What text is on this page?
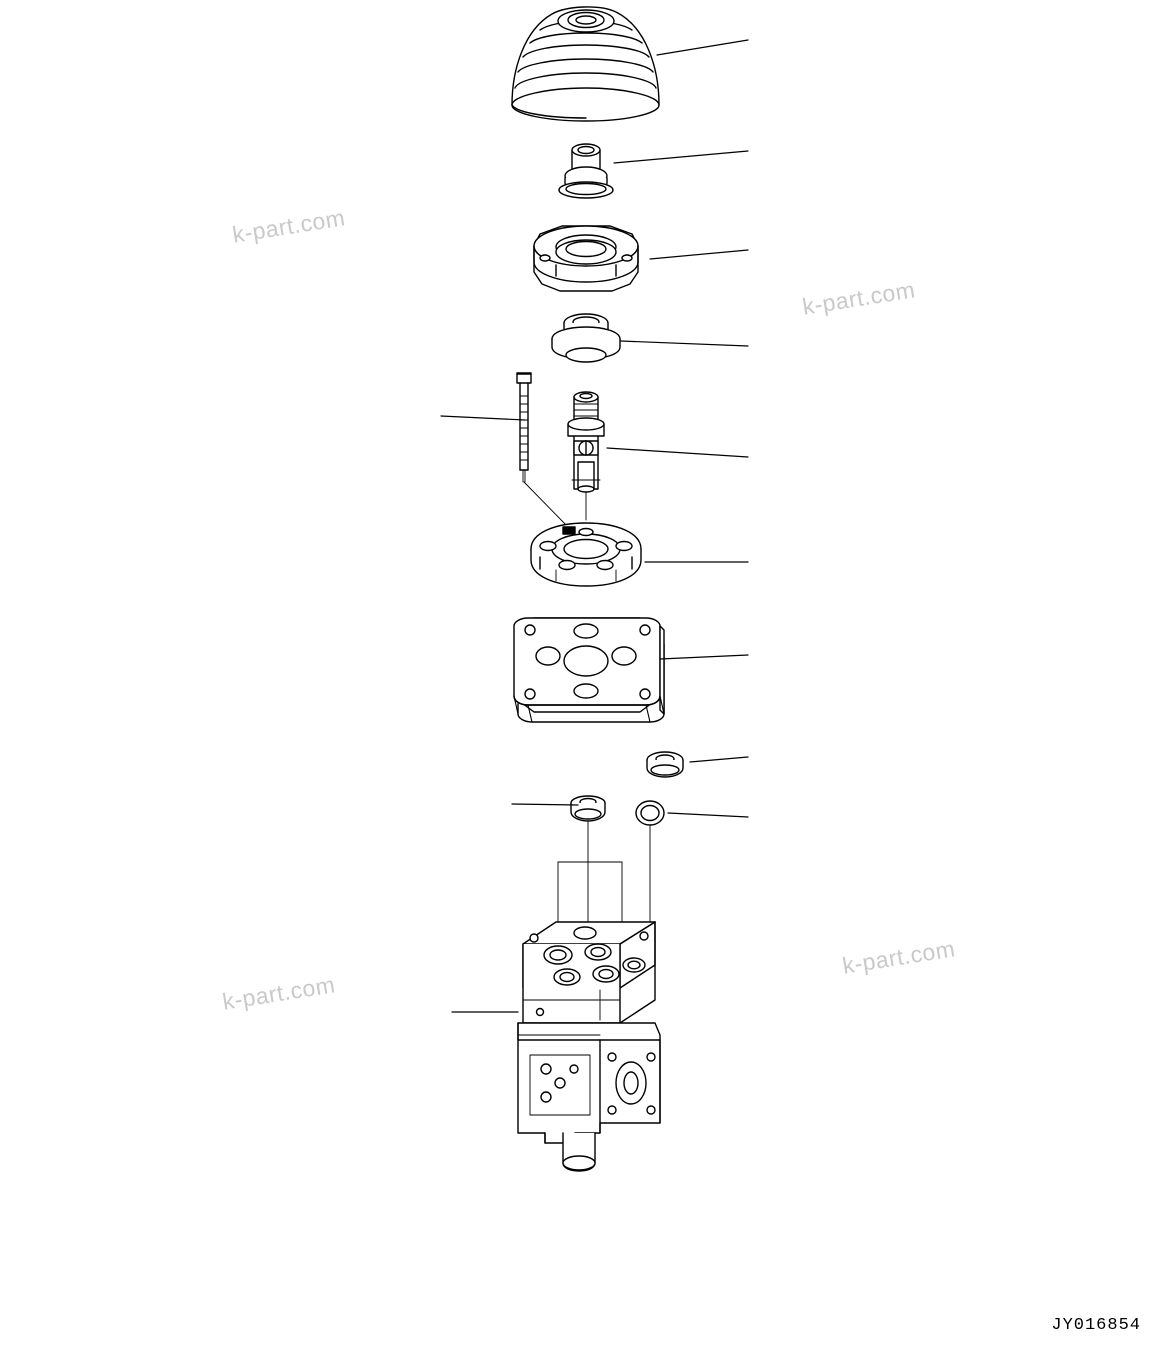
k-part.com
k-part.com
k-part.com
k-part.com
JY016854
